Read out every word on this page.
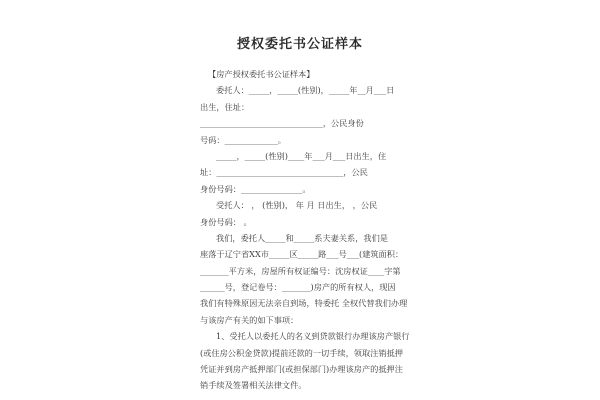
授权委托书公证样本
【房产授权委托书公证样本】
委托人：_____，_____(性别)，_____年__月___日
出生，住址：
______________________________，公民身份
号码：_____________。
_____，_____(性别)____年___月___日出生，住
址：_______________________________，公民
身份号码：_______________。
受托人： ， (性别)， 年 月 日出生， ，公民
身份号码： 。
我们，委托人_____和_____系夫妻关系，我们是
座落于辽宁省XX市_____区_____路___号___(建筑面积：
_______平方米，房屋所有权证编号：沈房权证____字第
______号，登记卷号：_______)房产的所有权人，现因
我们有特殊原因无法亲自到场，特委托 全权代替我们办理
与该房产有关的如下事项：
1、受托人以委托人的名义到贷款银行办理该房产银行
(或住房公积金贷款)提前还款的一切手续，领取注销抵押
凭证并到房产抵押部门(或担保部门)办理该房产的抵押注
销手续及签署相关法律文件。
